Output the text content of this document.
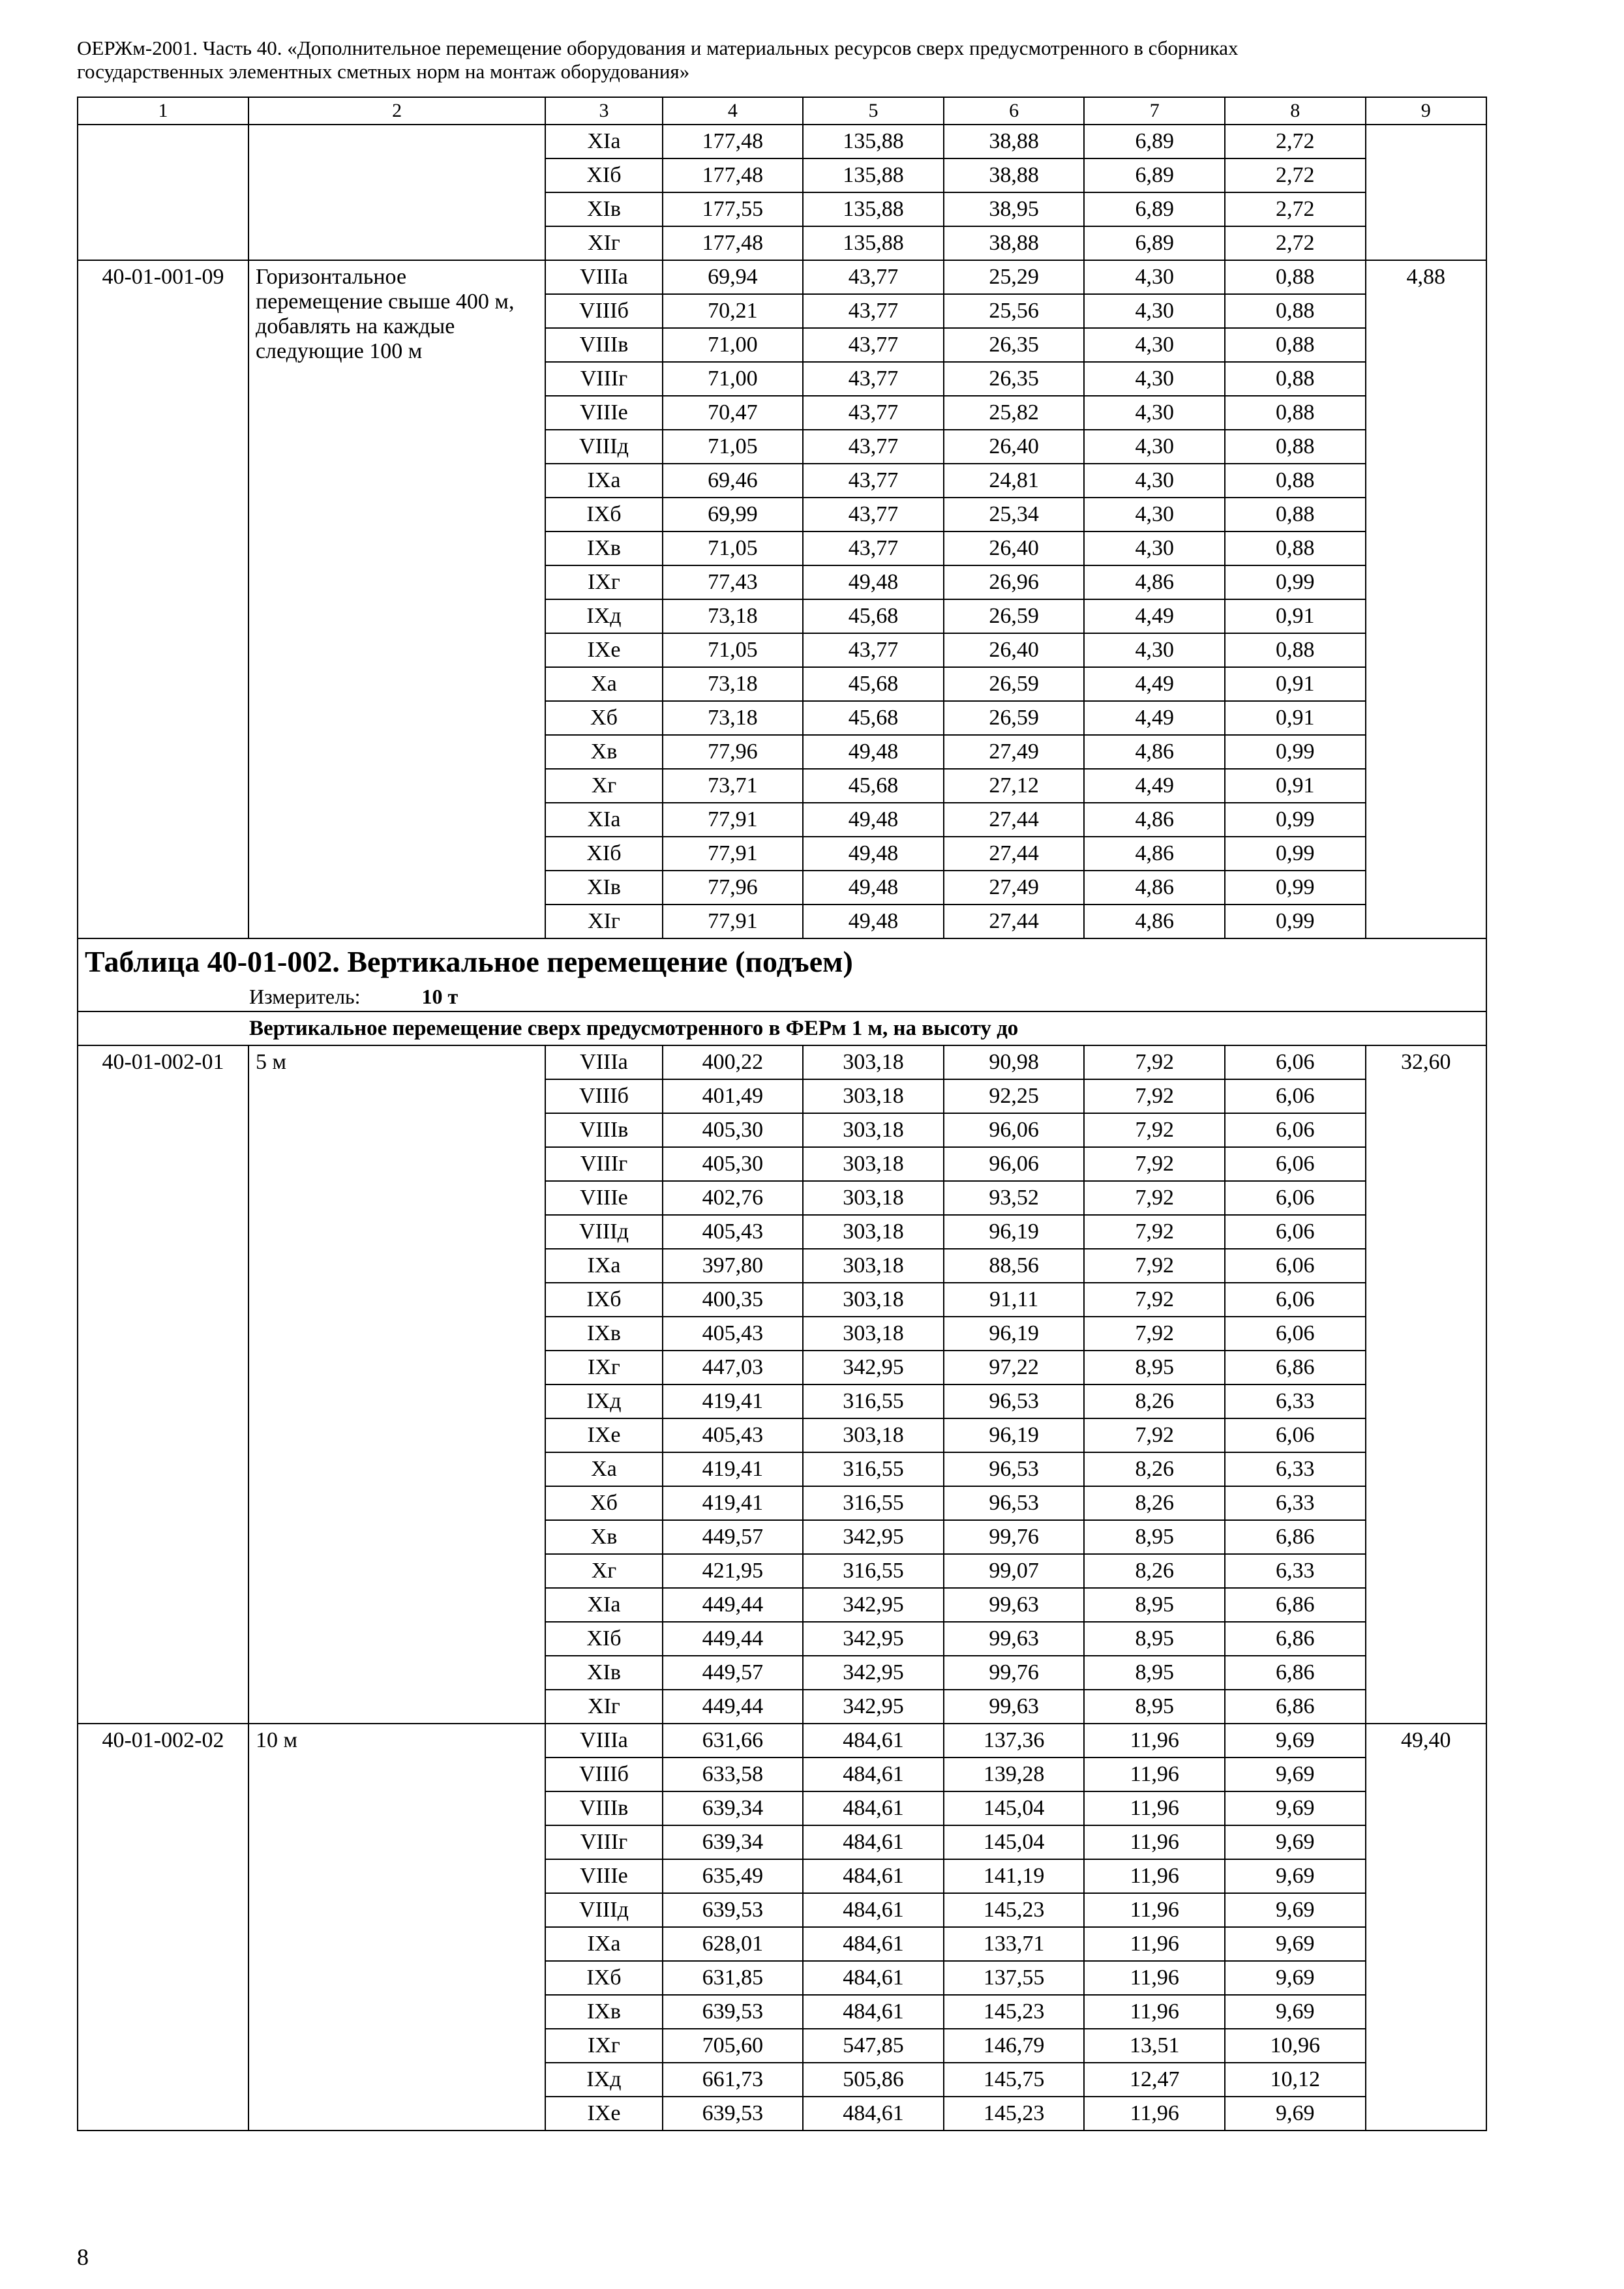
ОЕРЖм-2001. Часть 40. «Дополнительное перемещение оборудования и материальных ресурсов сверх предусмотренного в сборниках
государственных элементных сметных норм на монтаж оборудования»
1	2	3	4	5	6	7	8	9
		XIа	177,48	135,88	38,88	6,89	2,72	
		XIб	177,48	135,88	38,88	6,89	2,72	
		XIв	177,55	135,88	38,95	6,89	2,72	
		XIг	177,48	135,88	38,88	6,89	2,72	
40-01-001-09	Горизонтальное перемещение свыше 400 м, добавлять на каждые следующие 100 м	VIIIа	69,94	43,77	25,29	4,30	0,88	4,88
		VIIIб	70,21	43,77	25,56	4,30	0,88	
		VIIIв	71,00	43,77	26,35	4,30	0,88	
		VIIIг	71,00	43,77	26,35	4,30	0,88	
		VIIIе	70,47	43,77	25,82	4,30	0,88	
		VIIIд	71,05	43,77	26,40	4,30	0,88	
		IXа	69,46	43,77	24,81	4,30	0,88	
		IXб	69,99	43,77	25,34	4,30	0,88	
		IXв	71,05	43,77	26,40	4,30	0,88	
		IXг	77,43	49,48	26,96	4,86	0,99	
		IXд	73,18	45,68	26,59	4,49	0,91	
		IXе	71,05	43,77	26,40	4,30	0,88	
		Xа	73,18	45,68	26,59	4,49	0,91	
		Xб	73,18	45,68	26,59	4,49	0,91	
		Xв	77,96	49,48	27,49	4,86	0,99	
		Xг	73,71	45,68	27,12	4,49	0,91	
		XIа	77,91	49,48	27,44	4,86	0,99	
		XIб	77,91	49,48	27,44	4,86	0,99	
		XIв	77,96	49,48	27,49	4,86	0,99	
		XIг	77,91	49,48	27,44	4,86	0,99	
Таблица 40-01-002. Вертикальное перемещение (подъем)								
Измеритель: 10 т								
Вертикальное перемещение сверх предусмотренного в ФЕРм 1 м, на высоту до								
40-01-002-01	5 м	VIIIа	400,22	303,18	90,98	7,92	6,06	32,60
		VIIIб	401,49	303,18	92,25	7,92	6,06	
		VIIIв	405,30	303,18	96,06	7,92	6,06	
		VIIIг	405,30	303,18	96,06	7,92	6,06	
		VIIIе	402,76	303,18	93,52	7,92	6,06	
		VIIIд	405,43	303,18	96,19	7,92	6,06	
		IXа	397,80	303,18	88,56	7,92	6,06	
		IXб	400,35	303,18	91,11	7,92	6,06	
		IXв	405,43	303,18	96,19	7,92	6,06	
		IXг	447,03	342,95	97,22	8,95	6,86	
		IXд	419,41	316,55	96,53	8,26	6,33	
		IXе	405,43	303,18	96,19	7,92	6,06	
		Xа	419,41	316,55	96,53	8,26	6,33	
		Xб	419,41	316,55	96,53	8,26	6,33	
		Xв	449,57	342,95	99,76	8,95	6,86	
		Xг	421,95	316,55	99,07	8,26	6,33	
		XIа	449,44	342,95	99,63	8,95	6,86	
		XIб	449,44	342,95	99,63	8,95	6,86	
		XIв	449,57	342,95	99,76	8,95	6,86	
		XIг	449,44	342,95	99,63	8,95	6,86	
40-01-002-02	10 м	VIIIа	631,66	484,61	137,36	11,96	9,69	49,40
		VIIIб	633,58	484,61	139,28	11,96	9,69	
		VIIIв	639,34	484,61	145,04	11,96	9,69	
		VIIIг	639,34	484,61	145,04	11,96	9,69	
		VIIIе	635,49	484,61	141,19	11,96	9,69	
		VIIIд	639,53	484,61	145,23	11,96	9,69	
		IXа	628,01	484,61	133,71	11,96	9,69	
		IXб	631,85	484,61	137,55	11,96	9,69	
		IXв	639,53	484,61	145,23	11,96	9,69	
		IXг	705,60	547,85	146,79	13,51	10,96	
		IXд	661,73	505,86	145,75	12,47	10,12	
		IXе	639,53	484,61	145,23	11,96	9,69	
8
